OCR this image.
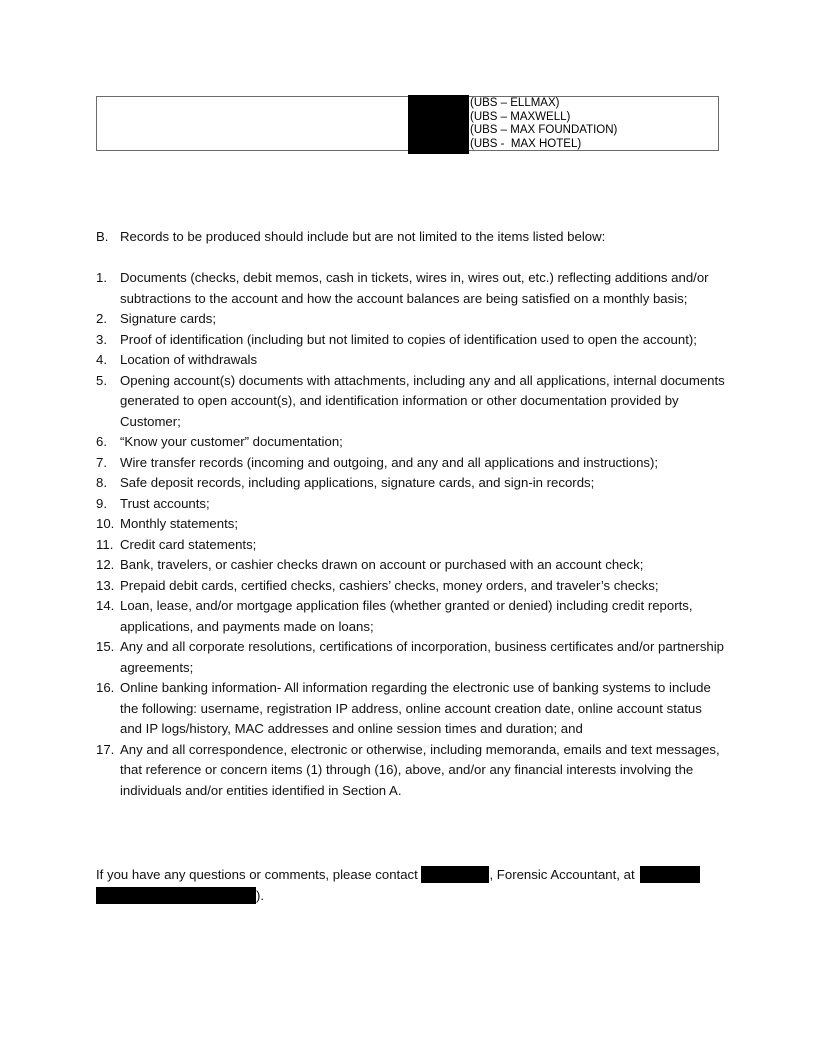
(UBS – ELLMAX)
(UBS – MAXWELL)
(UBS – MAX FOUNDATION)
(UBS -  MAX HOTEL)
B. Records to be produced should include but are not limited to the items listed below:
1. Documents (checks, debit memos, cash in tickets, wires in, wires out, etc.) reflecting additions and/or subtractions to the account and how the account balances are being satisfied on a monthly basis;
2. Signature cards;
3. Proof of identification (including but not limited to copies of identification used to open the account);
4. Location of withdrawals
5. Opening account(s) documents with attachments, including any and all applications, internal documents generated to open account(s), and identification information or other documentation provided by Customer;
6. “Know your customer” documentation;
7. Wire transfer records (incoming and outgoing, and any and all applications and instructions);
8. Safe deposit records, including applications, signature cards, and sign-in records;
9. Trust accounts;
10. Monthly statements;
11. Credit card statements;
12. Bank, travelers, or cashier checks drawn on account or purchased with an account check;
13. Prepaid debit cards, certified checks, cashiers’ checks, money orders, and traveler’s checks;
14. Loan, lease, and/or mortgage application files (whether granted or denied) including credit reports, applications, and payments made on loans;
15. Any and all corporate resolutions, certifications of incorporation, business certificates and/or partnership agreements;
16. Online banking information- All information regarding the electronic use of banking systems to include the following: username, registration IP address, online account creation date, online account status and IP logs/history, MAC addresses and online session times and duration; and
17. Any and all correspondence, electronic or otherwise, including memoranda, emails and text messages, that reference or concern items (1) through (16), above, and/or any financial interests involving the individuals and/or entities identified in Section A.
If you have any questions or comments, please contact	, Forensic Accountant, at
).
